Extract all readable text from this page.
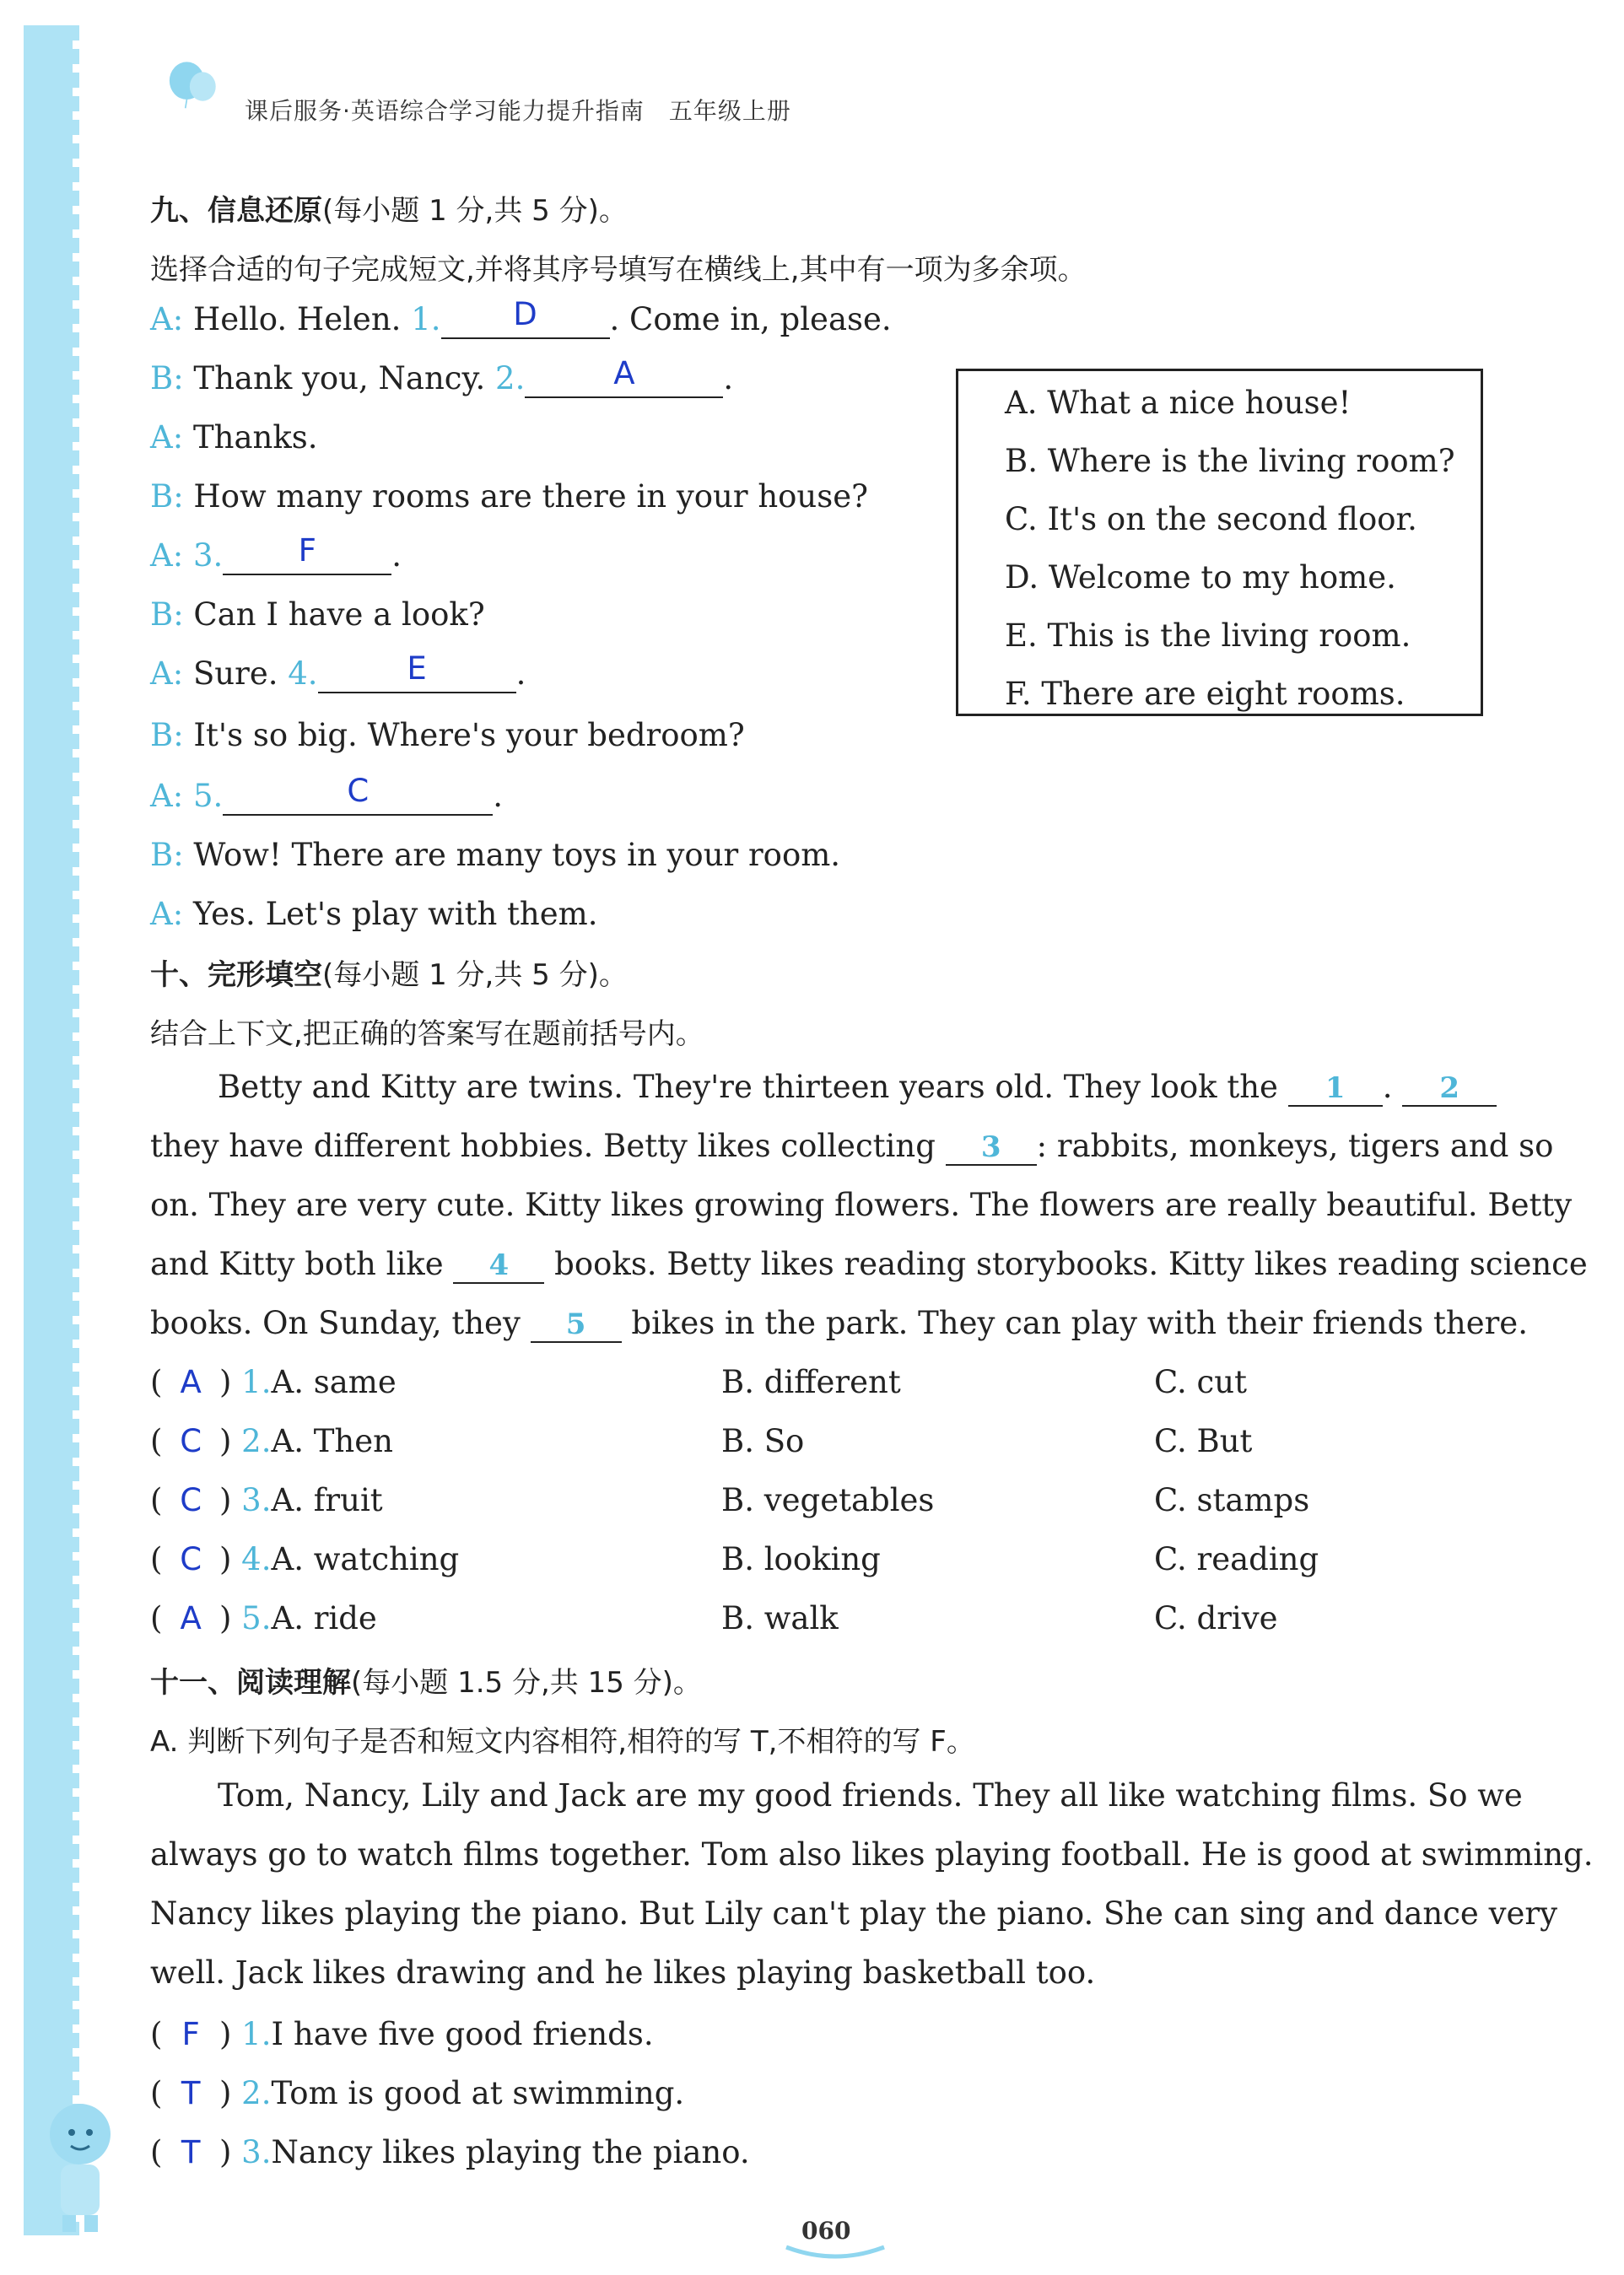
课后服务·英语综合学习能力提升指南　五年级上册
九、信息还原(每小题 1 分,共 5 分)。
选择合适的句子完成短文,并将其序号填写在横线上,其中有一项为多余项。
A: Hello. Helen. 1. D . Come in, please.
B: Thank you, Nancy. 2.	A	.
A: Thanks.
B: How many rooms are there in your house?
A: 3. F .
B: Can I have a look?
A: Sure. 4.	E	.
B: It's so big. Where's your bedroom?
A: 5.	C	.
B: Wow! There are many toys in your room.
A: Yes. Let's play with them.
A. What a nice house!
B. Where is the living room?
C. It's on the second floor.
D. Welcome to my home.
E. This is the living room.
F. There are eight rooms.
十、完形填空(每小题 1 分,共 5 分)。
结合上下文,把正确的答案写在题前括号内。
Betty and Kitty are twins. They're thirteen years old. They look the 1 . 2
they have different hobbies. Betty likes collecting 3 : rabbits, monkeys, tigers and so
on. They are very cute. Kitty likes growing flowers. The flowers are really beautiful. Betty
and Kitty both like 4 books. Betty likes reading storybooks. Kitty likes reading science
books. On Sunday, they 5 bikes in the park. They can play with their friends there.
( A ) 1.A. same	B. different	C. cut
( C ) 2.A. Then	B. So	C. But
( C ) 3.A. fruit	B. vegetables	C. stamps
( C ) 4.A. watching	B. looking	C. reading
( A ) 5.A. ride	B. walk	C. drive
十一、阅读理解(每小题 1.5 分,共 15 分)。
A. 判断下列句子是否和短文内容相符,相符的写 T,不相符的写 F。
Tom, Nancy, Lily and Jack are my good friends. They all like watching films. So we
always go to watch films together. Tom also likes playing football. He is good at swimming.
Nancy likes playing the piano. But Lily can't play the piano. She can sing and dance very
well. Jack likes drawing and he likes playing basketball too.
( F ) 1.I have five good friends.
( T ) 2.Tom is good at swimming.
( T ) 3.Nancy likes playing the piano.
060
